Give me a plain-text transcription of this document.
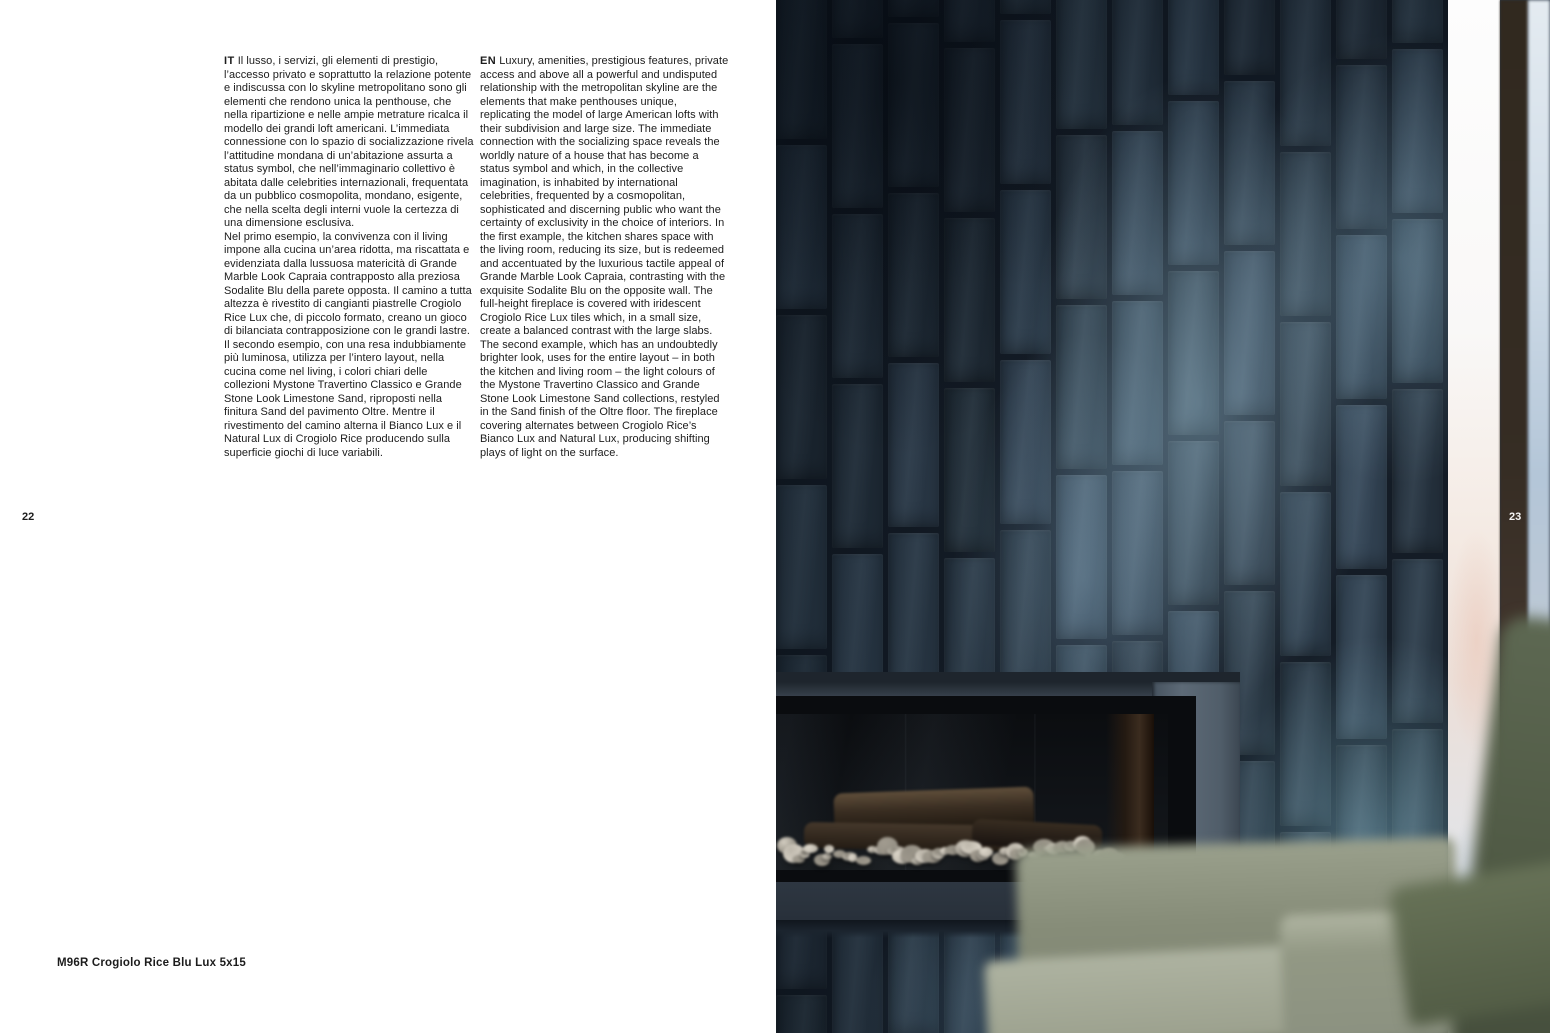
IT Il lusso, i servizi, gli elementi di prestigio, l’accesso privato e soprattutto la relazione potente e indiscussa con lo skyline metropolitano sono gli elementi che rendono unica la penthouse, che nella ripartizione e nelle ampie metrature ricalca il modello dei grandi loft americani. L’immediata connessione con lo spazio di socializzazione rivela l’attitudine mondana di un’abitazione assurta a status symbol, che nell’immaginario collettivo è abitata dalle celebrities internazionali, frequentata da un pubblico cosmopolita, mondano, esigente, che nella scelta degli interni vuole la certezza di una dimensione esclusiva.

Nel primo esempio, la convivenza con il living impone alla cucina un’area ridotta, ma riscattata e evidenziata dalla lussuosa matericità di Grande Marble Look Capraia contrapposto alla preziosa Sodalite Blu della parete opposta. Il camino a tutta altezza è rivestito di cangianti piastrelle Crogiolo Rice Lux che, di piccolo formato, creano un gioco di bilanciata contrapposizione con le grandi lastre. Il secondo esempio, con una resa indubbiamente più luminosa, utilizza per l’intero layout, nella cucina come nel living, i colori chiari delle collezioni Mystone Travertino Classico e Grande Stone Look Limestone Sand, riproposti nella finitura Sand del pavimento Oltre. Mentre il rivestimento del camino alterna il Bianco Lux e il Natural Lux di Crogiolo Rice producendo sulla superficie giochi di luce variabili.

EN Luxury, amenities, prestigious features, private access and above all a powerful and undisputed relationship with the metropolitan skyline are the elements that make penthouses unique, replicating the model of large American lofts with their subdivision and large size. The immediate connection with the socializing space reveals the worldly nature of a house that has become a status symbol and which, in the collective imagination, is inhabited by international celebrities, frequented by a cosmopolitan, sophisticated and discerning public who want the certainty of exclusivity in the choice of interiors. In the first example, the kitchen shares space with the living room, reducing its size, but is redeemed and accentuated by the luxurious tactile appeal of Grande Marble Look Capraia, contrasting with the exquisite Sodalite Blu on the opposite wall. The full-height fireplace is covered with iridescent Crogiolo Rice Lux tiles which, in a small size, create a balanced contrast with the large slabs. The second example, which has an undoubtedly brighter look, uses for the entire layout – in both the kitchen and living room – the light colours of the Mystone Travertino Classico and Grande Stone Look Limestone Sand collections, restyled in the Sand finish of the Oltre floor. The fireplace covering alternates between Crogiolo Rice’s Bianco Lux and Natural Lux, producing shifting plays of light on the surface.

22
M96R Crogiolo Rice Blu Lux 5x15
23
